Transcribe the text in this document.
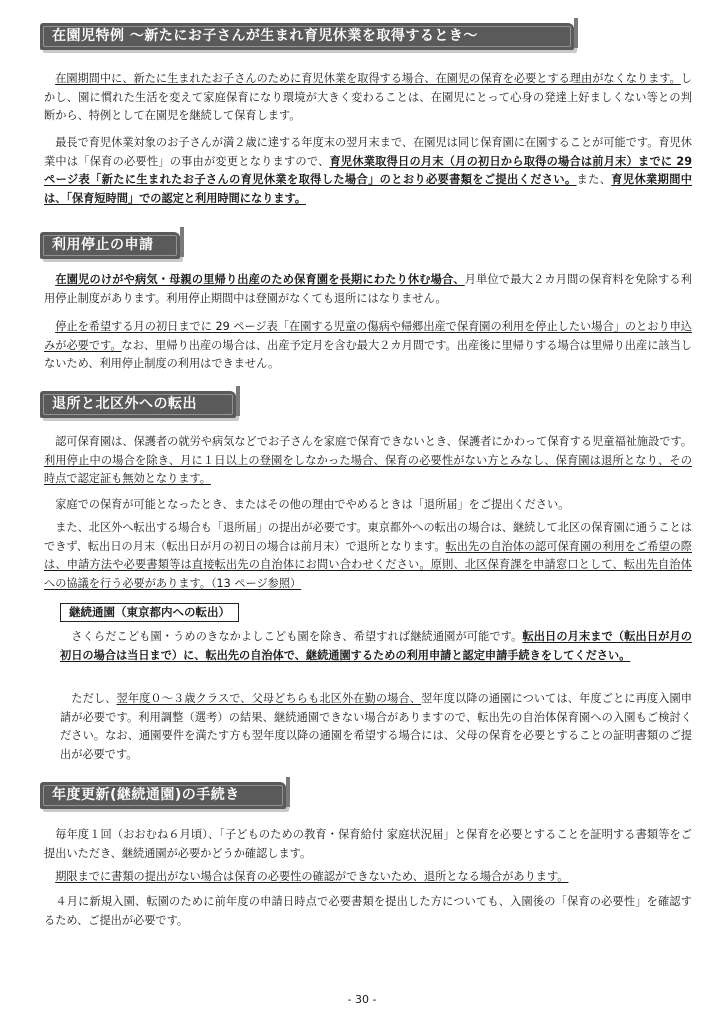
在園児特例 〜新たにお子さんが生まれ育児休業を取得するとき〜

在園期間中に、新たに生まれたお子さんのために育児休業を取得する場合、在園児の保育を必要とする理由がなくなります。しかし、園に慣れた生活を変えて家庭保育になり環境が大きく変わることは、在園児にとって心身の発達上好ましくない等との判断から、特例として在園児を継続して保育します。

最長で育児休業対象のお子さんが満２歳に達する年度末の翌月末まで、在園児は同じ保育園に在園することが可能です。育児休業中は「保育の必要性」の事由が変更となりますので、育児休業取得日の月末（月の初日から取得の場合は前月末）までに 29 ページ表「新たに生まれたお子さんの育児休業を取得した場合」のとおり必要書類をご提出ください。また、育児休業期間中は、「保育短時間」での認定と利用時間になります。

利用停止の申請

在園児のけがや病気・母親の里帰り出産のため保育園を長期にわたり休む場合、月単位で最大２カ月間の保育料を免除する利用停止制度があります。利用停止期間中は登園がなくても退所にはなりません。

停止を希望する月の初日までに 29 ページ表「在園する児童の傷病や帰郷出産で保育園の利用を停止したい場合」のとおり申込みが必要です。なお、里帰り出産の場合は、出産予定月を含む最大２カ月間です。出産後に里帰りする場合は里帰り出産に該当しないため、利用停止制度の利用はできません。

退所と北区外への転出

認可保育園は、保護者の就労や病気などでお子さんを家庭で保育できないとき、保護者にかわって保育する児童福祉施設です。利用停止中の場合を除き、月に１日以上の登園をしなかった場合、保育の必要性がない方とみなし、保育園は退所となり、その時点で認定証も無効となります。

家庭での保育が可能となったとき、またはその他の理由でやめるときは「退所届」をご提出ください。

また、北区外へ転出する場合も「退所届」の提出が必要です。東京都外への転出の場合は、継続して北区の保育園に通うことはできず、転出日の月末（転出日が月の初日の場合は前月末）で退所となります。転出先の自治体の認可保育園の利用をご希望の際は、申請方法や必要書類等は直接転出先の自治体にお問い合わせください。原則、北区保育課を申請窓口として、転出先自治体への協議を行う必要があります。（13 ページ参照）

継続通園（東京都内への転出）

さくらだこども園・うめのきなかよしこども園を除き、希望すれば継続通園が可能です。転出日の月末まで（転出日が月の初日の場合は当日まで）に、転出先の自治体で、継続通園するための利用申請と認定申請手続きをしてください。

ただし、翌年度０〜３歳クラスで、父母どちらも北区外在勤の場合、翌年度以降の通園については、年度ごとに再度入園申請が必要です。利用調整（選考）の結果、継続通園できない場合がありますので、転出先の自治体保育園への入園もご検討ください。なお、通園要件を満たす方も翌年度以降の通園を希望する場合には、父母の保育を必要とすることの証明書類のご提出が必要です。

年度更新(継続通園)の手続き

毎年度１回（おおむね６月頃）、「子どものための教育・保育給付 家庭状況届」と保育を必要とすることを証明する書類等をご提出いただき、継続通園が必要かどうか確認します。

期限までに書類の提出がない場合は保育の必要性の確認ができないため、退所となる場合があります。

４月に新規入園、転園のために前年度の申請日時点で必要書類を提出した方についても、入園後の「保育の必要性」を確認するため、ご提出が必要です。

- 30 -
